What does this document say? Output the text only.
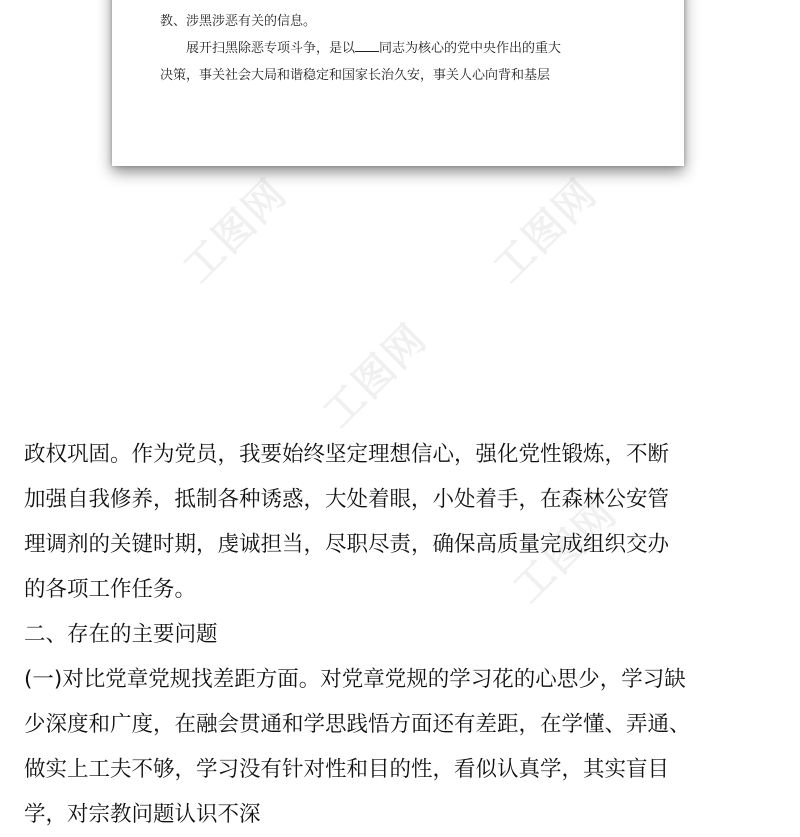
工图网	工图网
工图网
工图网

教、涉黑涉恶有关的信息。

展开扫黑除恶专项斗争，是以 同志为核心的党中央作出的重大

决策，事关社会大局和谐稳定和国家长治久安，事关人心向背和基层

政权巩固。作为党员，我要始终坚定理想信心，强化党性锻炼，不断
加强自我修养，抵制各种诱惑，大处着眼，小处着手，在森林公安管
理调剂的关键时期，虔诚担当，尽职尽责，确保高质量完成组织交办
的各项工作任务。
二、存在的主要问题
(一)对比党章党规找差距方面。对党章党规的学习花的心思少，学习缺
少深度和广度，在融会贯通和学思践悟方面还有差距，在学懂、弄通、
做实上工夫不够，学习没有针对性和目的性，看似认真学，其实盲目
学，对宗教问题认识不深
